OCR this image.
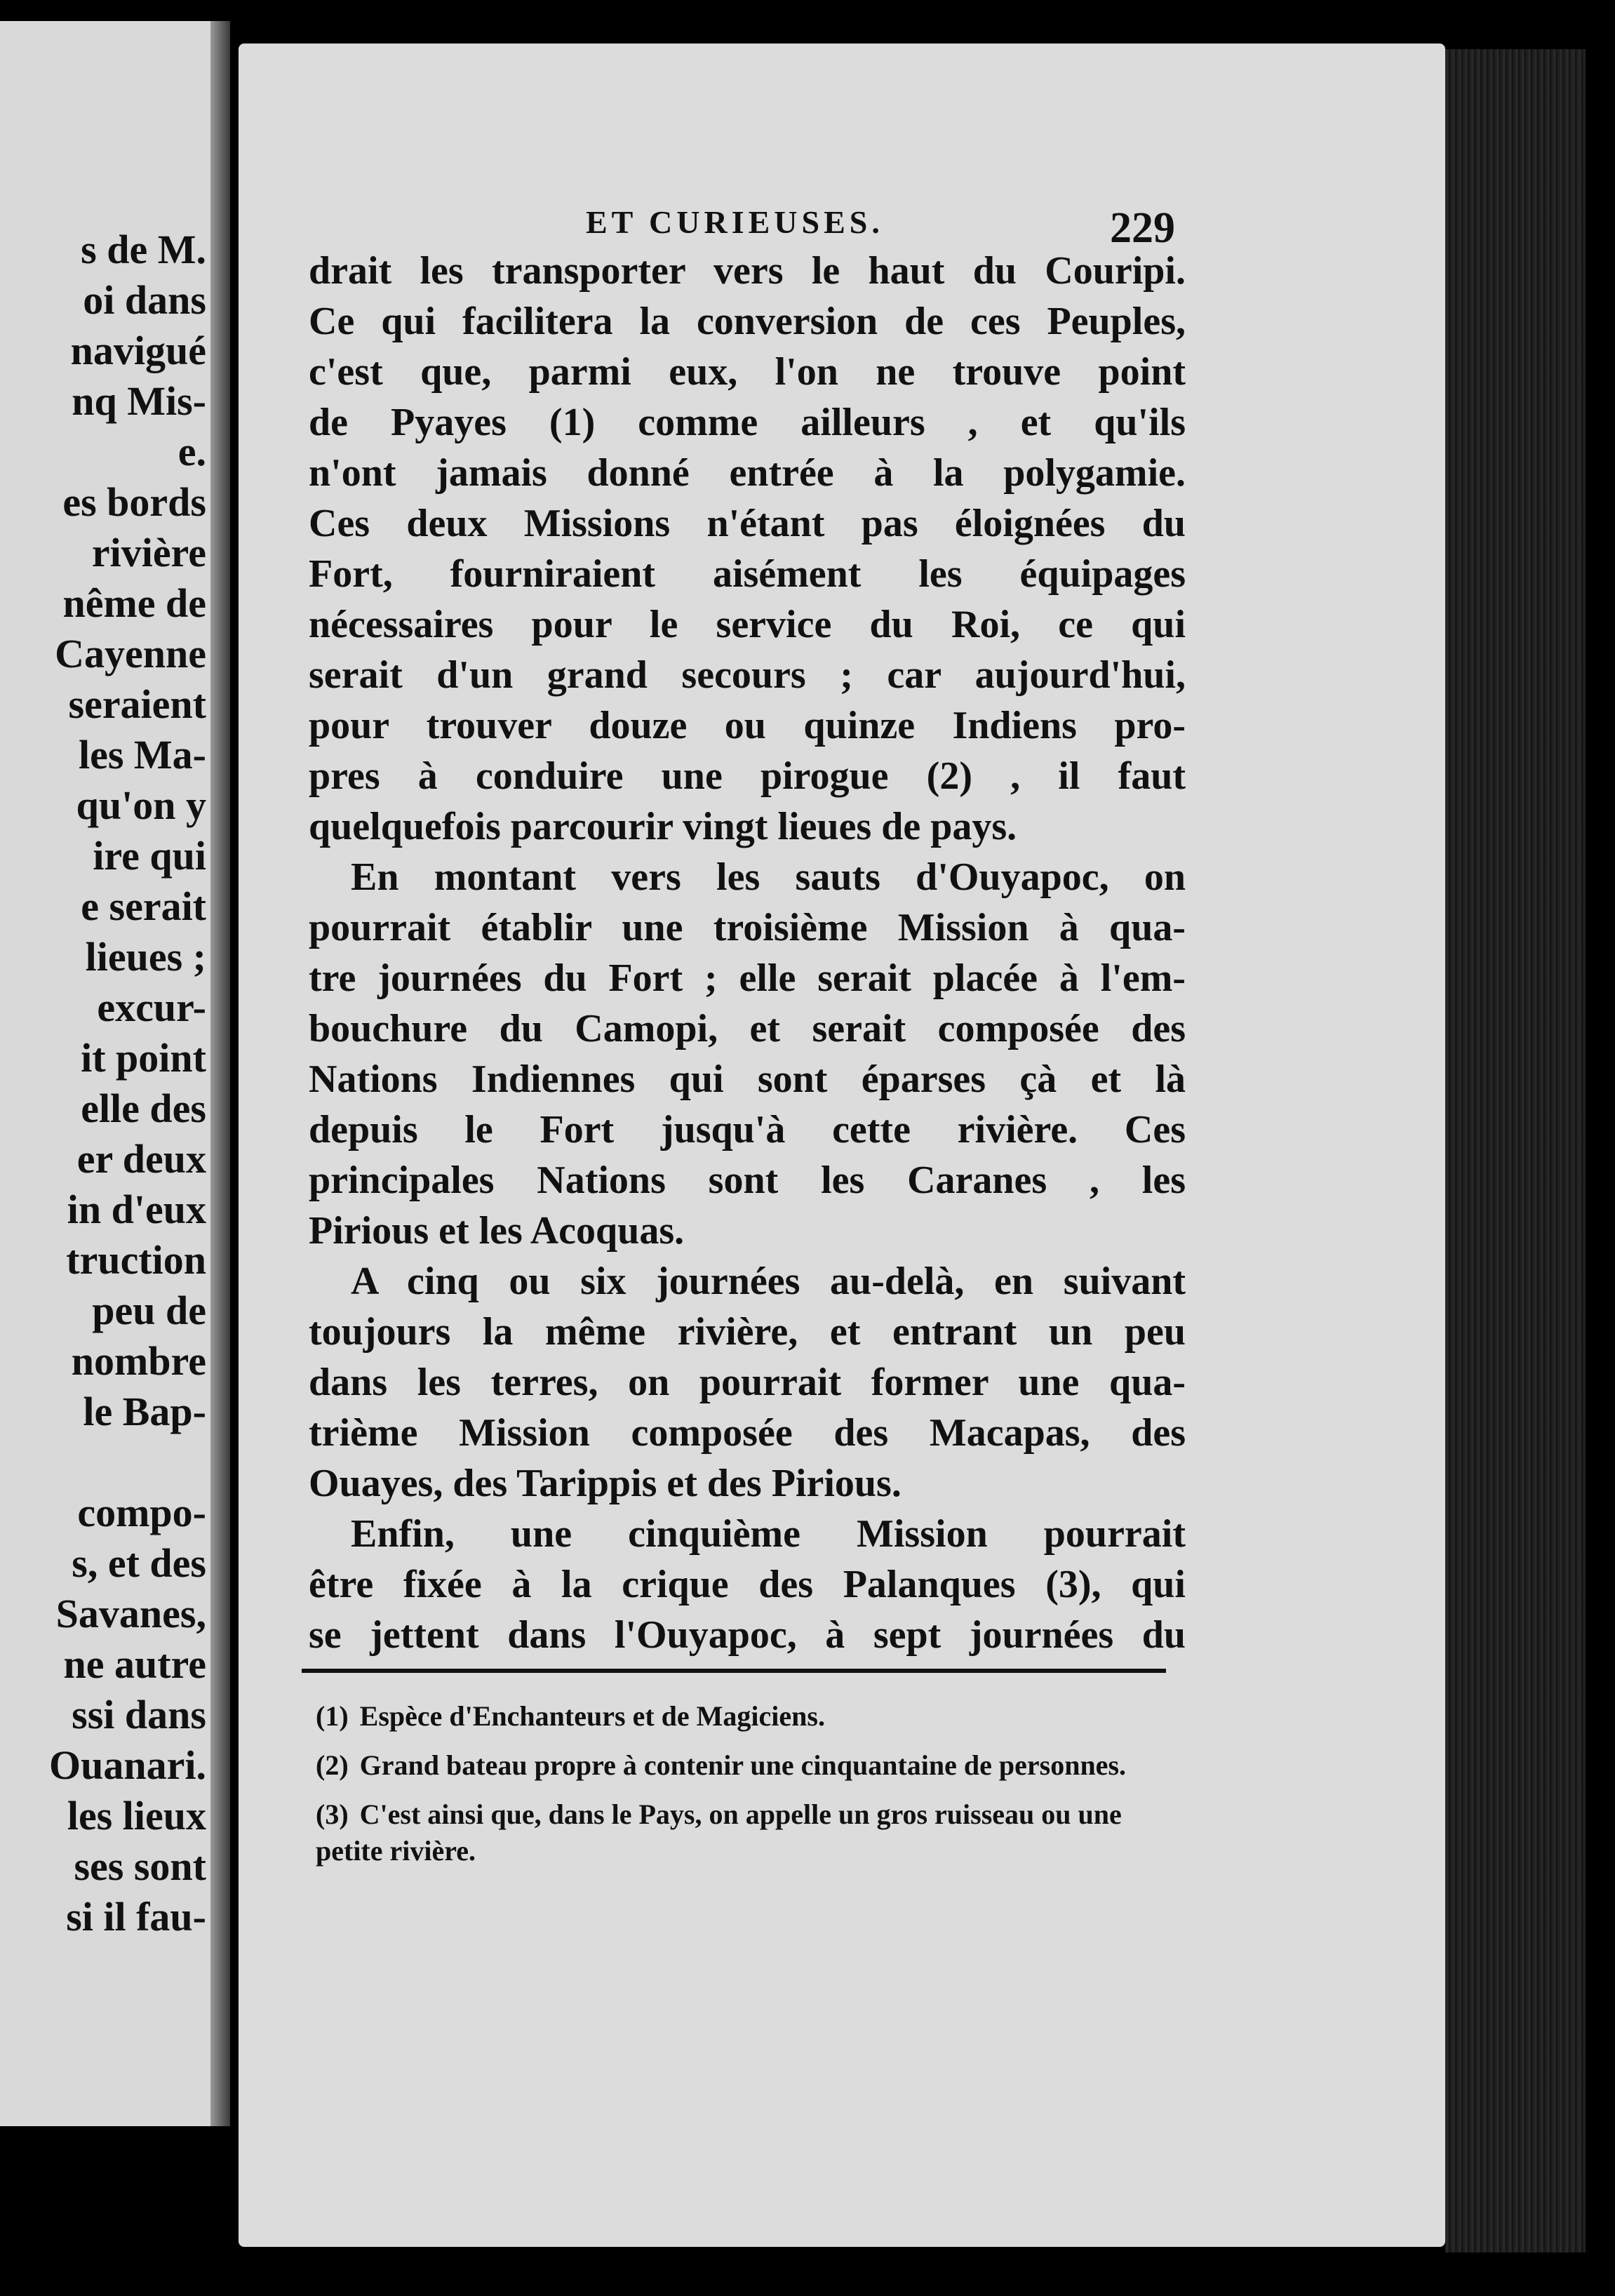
s de M.
oi dans
navigué
nq Mis-
e.
es bords
rivière
nême de
Cayenne
seraient
les Ma-
qu'on y
ire qui
e serait
lieues ;
excur-
it point
elle des
er deux
in d'eux
truction
peu de
nombre
le Bap-
compo-
s, et des
Savanes,
ne autre
ssi dans
Ouanari.
les lieux
ses sont
si il fau-
ET CURIEUSES.	229
drait les transporter vers le haut du Couripi.
Ce qui facilitera la conversion de ces Peuples,
c'est que, parmi eux, l'on ne trouve point
de Pyayes (1) comme ailleurs , et qu'ils
n'ont jamais donné entrée à la polygamie.
Ces deux Missions n'étant pas éloignées du
Fort, fourniraient aisément les équipages
nécessaires pour le service du Roi, ce qui
serait d'un grand secours ; car aujourd'hui,
pour trouver douze ou quinze Indiens pro-
pres à conduire une pirogue (2) , il faut
quelquefois parcourir vingt lieues de pays.
En montant vers les sauts d'Ouyapoc, on
pourrait établir une troisième Mission à qua-
tre journées du Fort ; elle serait placée à l'em-
bouchure du Camopi, et serait composée des
Nations Indiennes qui sont éparses çà et là
depuis le Fort jusqu'à cette rivière. Ces
principales Nations sont les Caranes , les
Pirious et les Acoquas.
A cinq ou six journées au-delà, en suivant
toujours la même rivière, et entrant un peu
dans les terres, on pourrait former une qua-
trième Mission composée des Macapas, des
Ouayes, des Tarippis et des Pirious.
Enfin, une cinquième Mission pourrait
être fixée à la crique des Palanques (3), qui
se jettent dans l'Ouyapoc, à sept journées du
(1) Espèce d'Enchanteurs et de Magiciens.
(2) Grand bateau propre à contenir une cinquantaine de personnes.
(3) C'est ainsi que, dans le Pays, on appelle un gros ruisseau ou une petite rivière.
